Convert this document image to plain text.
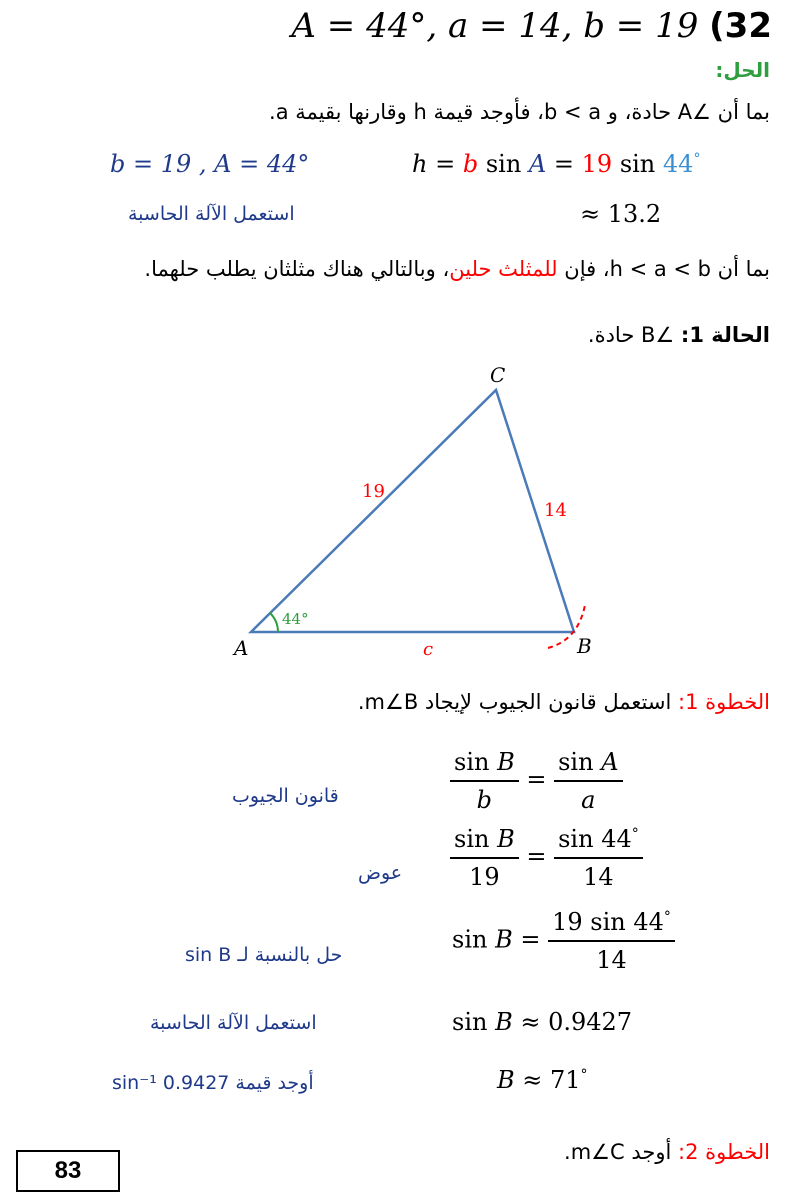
A = 44°, a = 14, b = 19 (32
الحل:
بما أن ∠A حادة، و b < a، فأوجد قيمة h وقارنها بقيمة a.
b = 19 , A = 44°	h = b sin A = 19 sin 44°
استعمل الآلة الحاسبة	≈ 13.2
بما أن h < a < b، فإن للمثلث حلين، وبالتالي هناك مثلثان يطلب حلهما.
الحالة 1: ∠B حادة.
A	B
C
19
14
c
44°
الخطوة 1: استعمل قانون الجيوب لإيجاد m∠B.
قانون الجيوب	$\frac{\text{sin B}}{b} = \frac{\text{sin A}}{a}$
عوض $\frac{\text{sin B}}{19} = \frac{\sin 44^\circ}{14}$
حل بالنسبة لـ sin B
$\sin B = \frac{19 \sin 44^\circ}{14}$
استعمل الآلة الحاسبة	sin B ≈ 0.9427
أوجد قيمة sin⁻¹ 0.9427	B ≈ 71°
الخطوة 2: أوجد m∠C.
83
